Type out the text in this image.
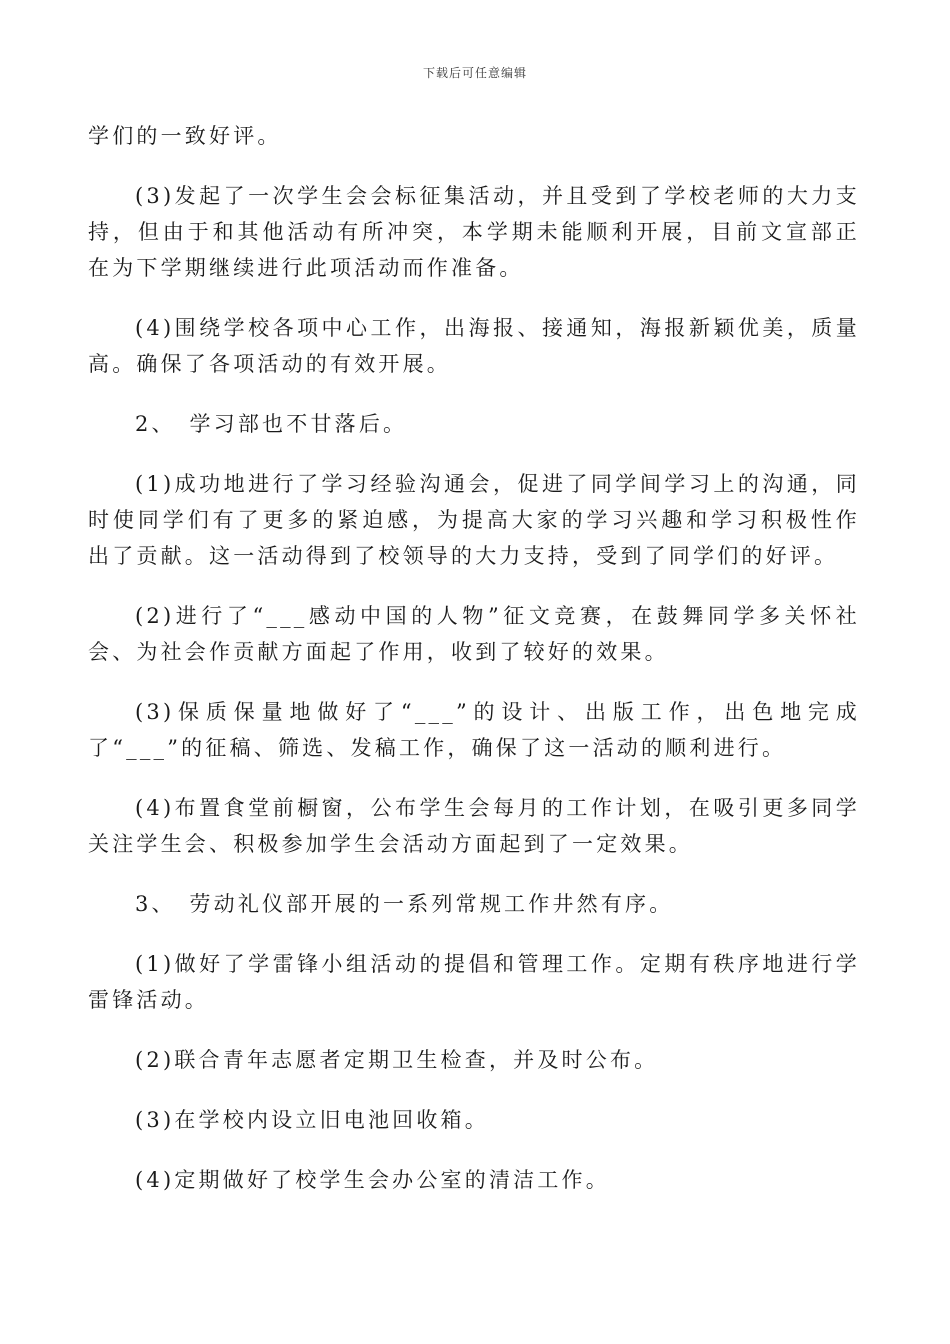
下载后可任意编辑

学们的一致好评。

(3)发起了一次学生会会标征集活动，并且受到了学校老师的大力支持，但由于和其他活动有所冲突，本学期未能顺利开展，目前文宣部正在为下学期继续进行此项活动而作准备。

(4)围绕学校各项中心工作，出海报、接通知，海报新颖优美，质量高。确保了各项活动的有效开展。

2、　学习部也不甘落后。

(1)成功地进行了学习经验沟通会，促进了同学间学习上的沟通，同时使同学们有了更多的紧迫感，为提高大家的学习兴趣和学习积极性作出了贡献。这一活动得到了校领导的大力支持，受到了同学们的好评。

(2)进行了“___感动中国的人物”征文竞赛，在鼓舞同学多关怀社会、为社会作贡献方面起了作用，收到了较好的效果。

(3)保质保量地做好了“___”的设计、出版工作，出色地完成了“___”的征稿、筛选、发稿工作，确保了这一活动的顺利进行。

(4)布置食堂前橱窗，公布学生会每月的工作计划，在吸引更多同学关注学生会、积极参加学生会活动方面起到了一定效果。

3、　劳动礼仪部开展的一系列常规工作井然有序。

(1)做好了学雷锋小组活动的提倡和管理工作。定期有秩序地进行学雷锋活动。

(2)联合青年志愿者定期卫生检查，并及时公布。

(3)在学校内设立旧电池回收箱。

(4)定期做好了校学生会办公室的清洁工作。
